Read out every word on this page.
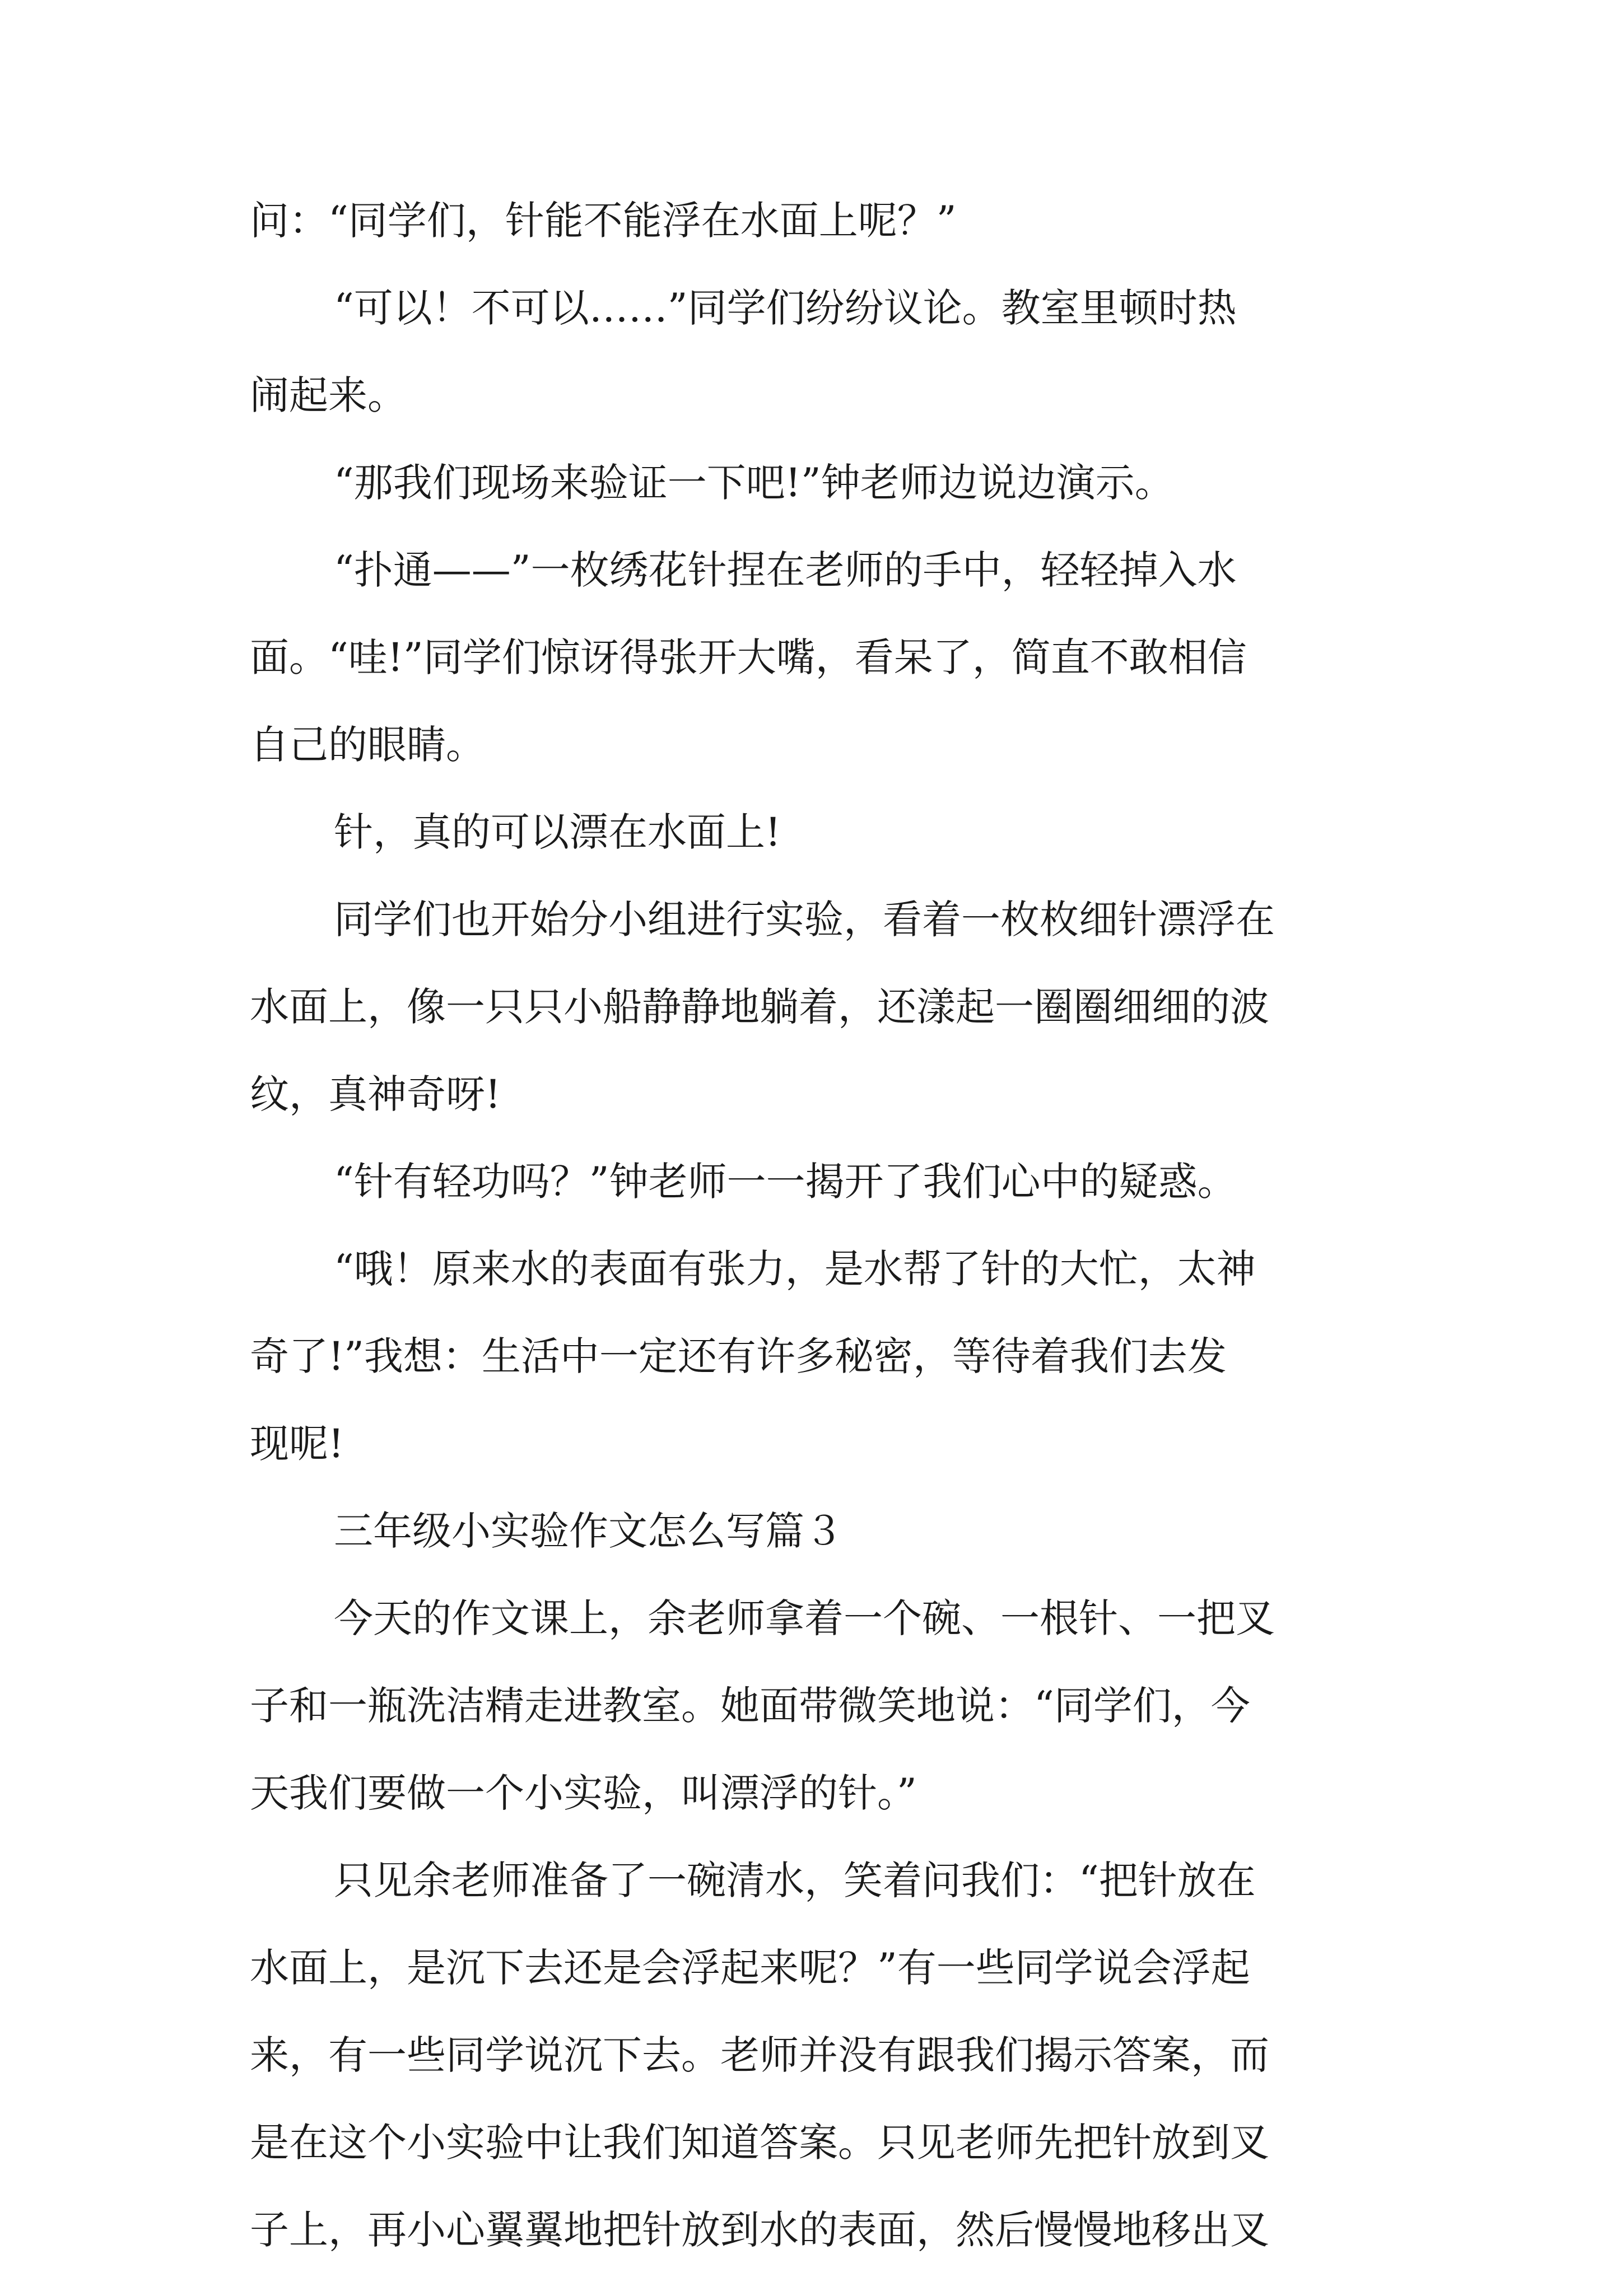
问：“同学们，针能不能浮在水面上呢？”
“可以！不可以……”同学们纷纷议论。教室里顿时热
闹起来。
“那我们现场来验证一下吧!”钟老师边说边演示。
“扑通——”一枚绣花针捏在老师的手中，轻轻掉入水
面。“哇!”同学们惊讶得张开大嘴，看呆了，简直不敢相信
自己的眼睛。
针，真的可以漂在水面上!
同学们也开始分小组进行实验，看着一枚枚细针漂浮在
水面上，像一只只小船静静地躺着，还漾起一圈圈细细的波
纹，真神奇呀!
“针有轻功吗？”钟老师一一揭开了我们心中的疑惑。
“哦！原来水的表面有张力，是水帮了针的大忙，太神
奇了!”我想：生活中一定还有许多秘密，等待着我们去发
现呢!
三年级小实验作文怎么写篇３
今天的作文课上，余老师拿着一个碗、一根针、一把叉
子和一瓶洗洁精走进教室。她面带微笑地说：“同学们，今
天我们要做一个小实验，叫漂浮的针。”
只见余老师准备了一碗清水，笑着问我们：“把针放在
水面上，是沉下去还是会浮起来呢？”有一些同学说会浮起
来，有一些同学说沉下去。老师并没有跟我们揭示答案，而
是在这个小实验中让我们知道答案。只见老师先把针放到叉
子上，再小心翼翼地把针放到水的表面，然后慢慢地移出叉
